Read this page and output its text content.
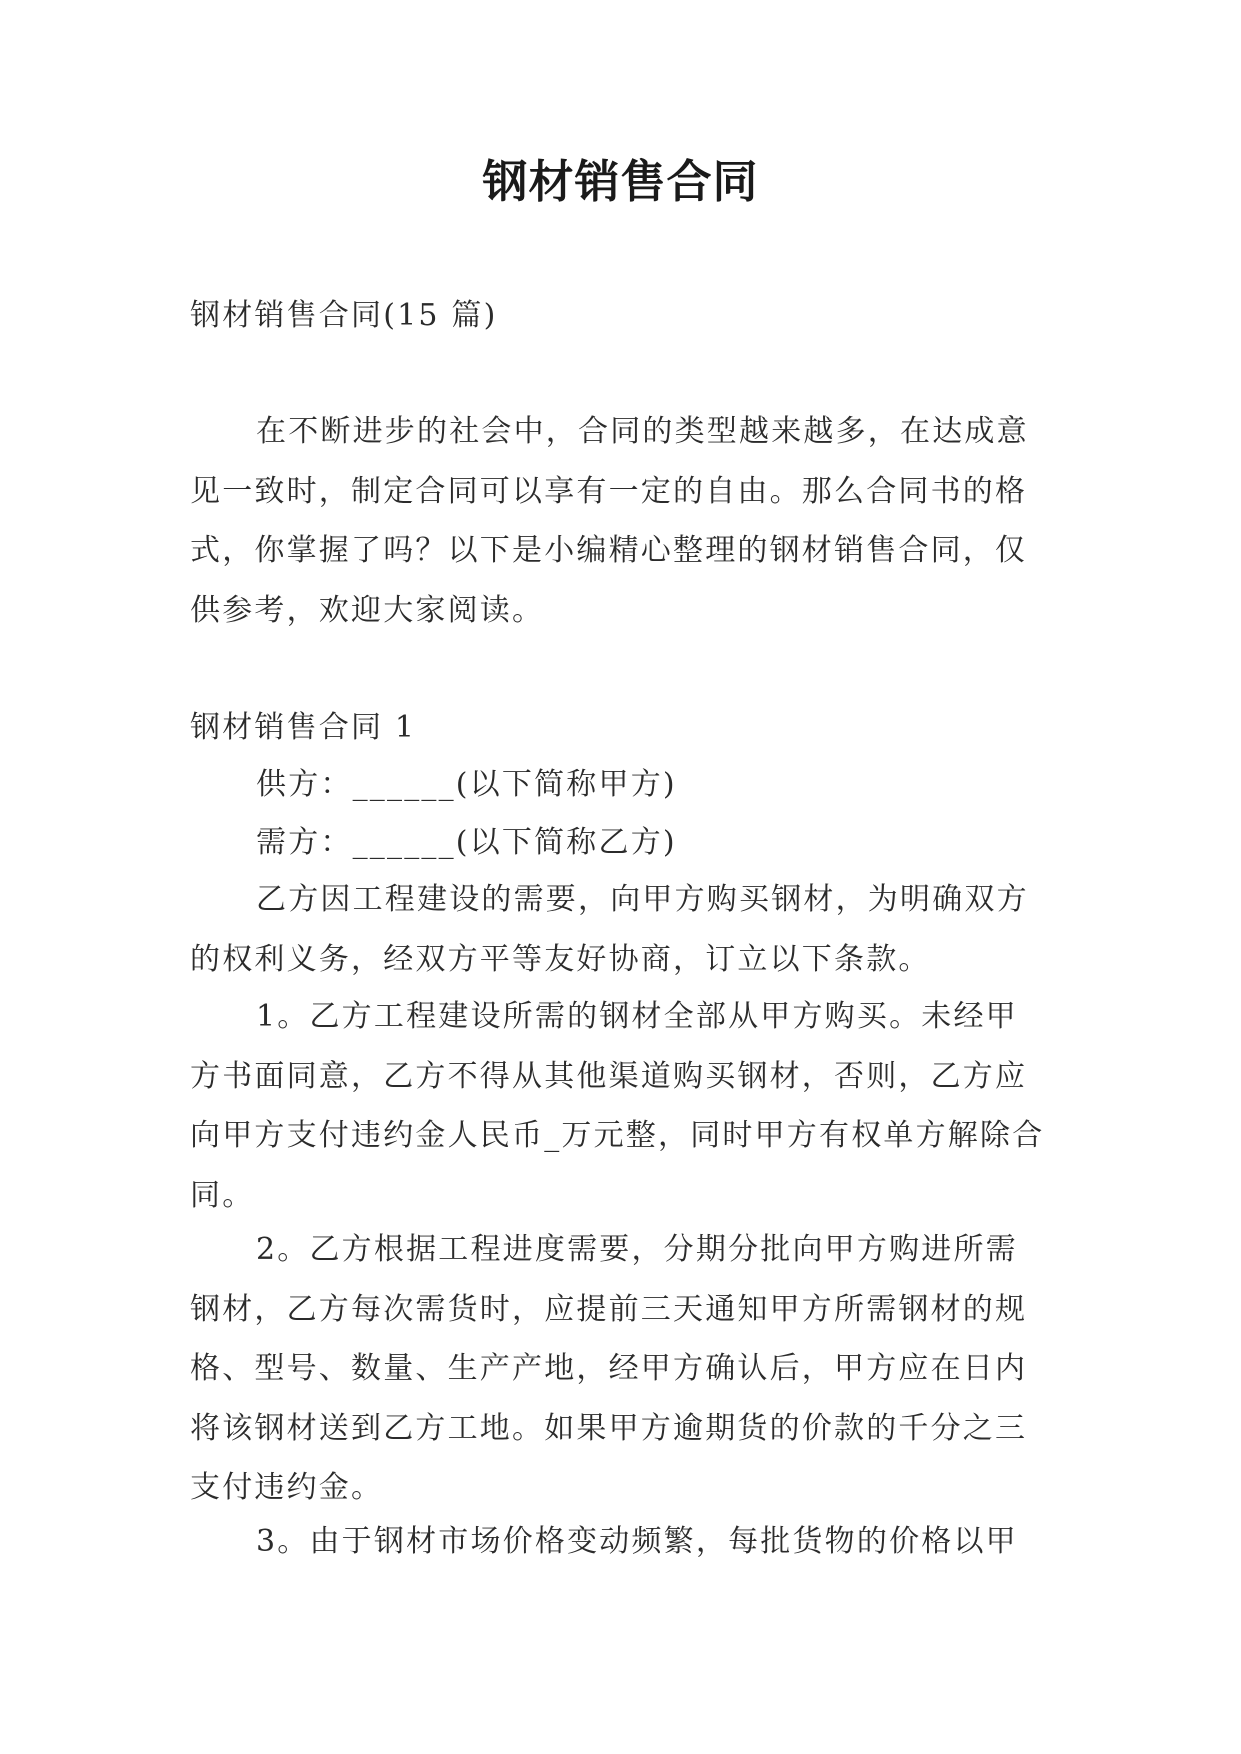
钢材销售合同

钢材销售合同(15 篇)

在不断进步的社会中，合同的类型越来越多，在达成意见一致时，制定合同可以享有一定的自由。那么合同书的格式，你掌握了吗？以下是小编精心整理的钢材销售合同，仅供参考，欢迎大家阅读。

钢材销售合同 1

供方：______(以下简称甲方)

需方：______(以下简称乙方)

乙方因工程建设的需要，向甲方购买钢材，为明确双方的权利义务，经双方平等友好协商，订立以下条款。

1。乙方工程建设所需的钢材全部从甲方购买。未经甲方书面同意，乙方不得从其他渠道购买钢材，否则，乙方应向甲方支付违约金人民币_万元整，同时甲方有权单方解除合同。

2。乙方根据工程进度需要，分期分批向甲方购进所需钢材，乙方每次需货时，应提前三天通知甲方所需钢材的规格、型号、数量、生产产地，经甲方确认后，甲方应在日内将该钢材送到乙方工地。如果甲方逾期货的价款的千分之三支付违约金。

3。由于钢材市场价格变动频繁，每批货物的价格以甲
